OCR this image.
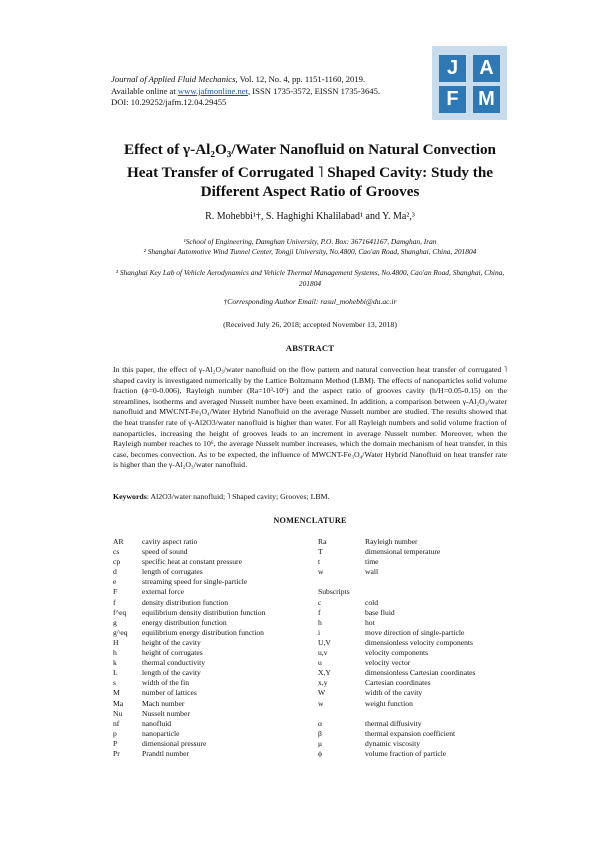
Journal of Applied Fluid Mechanics, Vol. 12, No. 4, pp. 1151-1160, 2019.
Available online at www.jafmonline.net, ISSN 1735-3572, EISSN 1735-3645.
DOI: 10.29252/jafm.12.04.29455
J	A
F M
Effect of γ-Al₂O₃/Water Nanofluid on Natural Convection
Heat Transfer of Corrugated ˥ Shaped Cavity: Study the
Different Aspect Ratio of Grooves
R. Mohebbi¹†, S. Haghighi Khalilabad¹ and Y. Ma²,³
¹School of Engineering, Damghan University, P.O. Box: 3671641167, Damghan, Iran
² Shanghai Automotive Wind Tunnel Center, Tongji University, No.4800, Cao'an Road, Shanghai, China, 201804
³ Shanghai Key Lab of Vehicle Aerodynamics and Vehicle Thermal Management Systems, No.4800, Cao'an Road, Shanghai, China, 201804
†Corresponding Author Email: rasul_mohebbi@du.ac.ir
(Received July 26, 2018; accepted November 13, 2018)
ABSTRACT
In this paper, the effect of γ-Al₂O₃/water nanofluid on the flow pattern and natural convection heat transfer of corrugated ˥ shaped cavity is investigated numerically by the Lattice Boltzmann Method (LBM). The effects of nanoparticles solid volume fraction (ϕ=0-0.006), Rayleigh number (Ra=10³-10⁶) and the aspect ratio of grooves cavity (h/H=0.05-0.15) on the streamlines, isotherms and averaged Nusselt number have been examined. In addition, a comparison between γ-Al₂O₃/water nanofluid and MWCNT-Fe₃O₄/Water Hybrid Nanofluid on the average Nusselt number are studied. The results showed that the heat transfer rate of γ-Al2O3/water nanofluid is higher than water. For all Rayleigh numbers and solid volume fraction of nanoparticles, increasing the height of grooves leads to an increment in average Nusselt number. Moreover, when the Rayleigh number reaches to 10⁶, the average Nusselt number increases, which the domain mechanism of heat transfer, in this case, becomes convection. As to be expected, the influence of MWCNT-Fe₃O₄/Water Hybrid Nanofluid on heat transfer rate is higher than the γ-Al₂O₃/water nanofluid.
Keywords: Al2O3/water nanofluid; ˥ Shaped cavity; Grooves; LBM.
NOMENCLATURE
AR	cavity aspect ratio
cs	speed of sound
cp	specific heat at constant pressure
d	length of corrugates
e	streaming speed for single-particle
F	external force
f	density distribution function
f^eq	equilibrium density distribution function
g	energy distribution function
g^eq	equilibrium energy distribution function
H	height of the cavity
h	height of corrugates
k	thermal conductivity
L	length of the cavity
s	width of the fin
M	number of lattices
Ma	Mach number
Nu	Nusselt number
nf	nanofluid
p	nanoparticle
P	dimensional pressure
Pr	Prandtl number
Ra	Rayleigh number
T	dimensional temperature
t	time
w	wall
Subscripts
c	cold
f	base fluid
h	hot
i	move direction of single-particle
U,V	dimensionless velocity components
u,v	velocity components
u	velocity vector
X,Y	dimensionless Cartesian coordinates
x,y	Cartesian coordinates
W	width of the cavity
w	weight function
α	thermal diffusivity
β	thermal expansion coefficient
μ	dynamic viscosity
ϕ	volume fraction of particle
